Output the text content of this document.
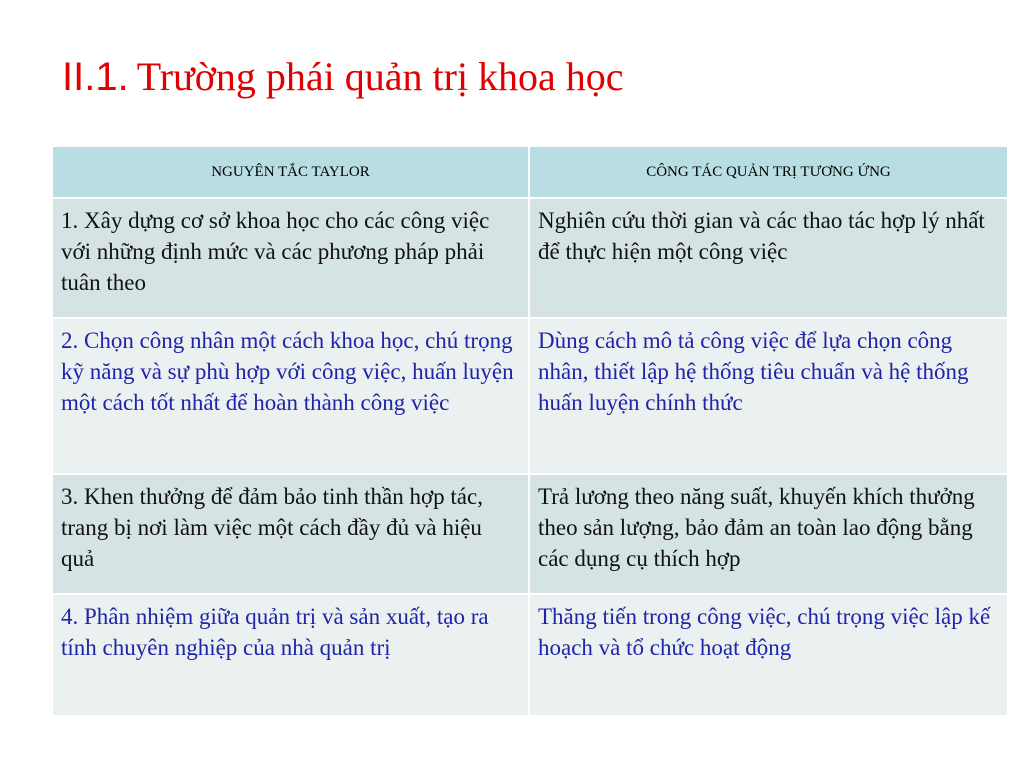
II.1. Trường phái quản trị khoa học
NGUYÊN TẮC TAYLOR	CÔNG TÁC QUẢN TRỊ TƯƠNG ỨNG
1. Xây dựng cơ sở khoa học cho các công việc với những định mức và các phương pháp phải tuân theo	Nghiên cứu thời gian và các thao tác hợp lý nhất để thực hiện một công việc
2. Chọn công nhân một cách khoa học, chú trọng kỹ năng và sự phù hợp với công việc, huấn luyện một cách tốt nhất để hoàn thành công việc	Dùng cách mô tả công việc để lựa chọn công nhân, thiết lập hệ thống tiêu chuẩn và hệ thống huấn luyện chính thức
3. Khen thưởng để đảm bảo tinh thần hợp tác, trang bị nơi làm việc một cách đầy đủ và hiệu quả	Trả lương theo năng suất, khuyến khích thưởng theo sản lượng, bảo đảm an toàn lao động bằng các dụng cụ thích hợp
4. Phân nhiệm giữa quản trị và sản xuất, tạo ra tính chuyên nghiệp của nhà quản trị	Thăng tiến trong công việc, chú trọng việc lập kế hoạch và tổ chức hoạt động
